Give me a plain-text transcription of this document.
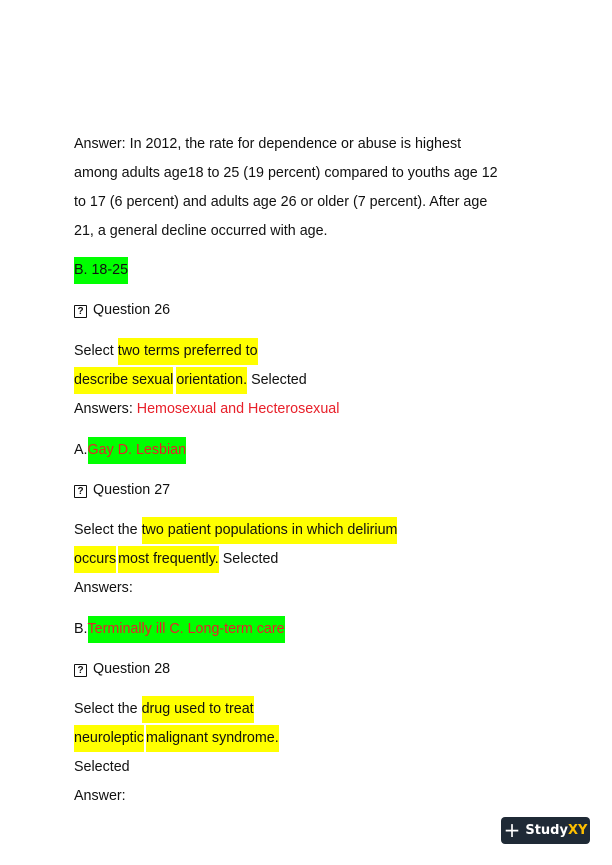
Answer: In 2012, the rate for dependence or abuse is highest
among adults age18 to 25 (19 percent) compared to youths age 12
to 17 (6 percent) and adults age 26 or older (7 percent). After age
21, a general decline occurred with age.
B. 18-25
? Question 26
Select two terms preferred to
describe sexual orientation. Selected
Answers: Hemosexual and Hecterosexual
A.Gay D. Lesbian
? Question 27
Select the two patient populations in which delirium
occurs most frequently. Selected
Answers:
B.Terminally ill C. Long-term care
? Question 28
Select the drug used to treat
neuroleptic malignant syndrome.
Selected
Answer:
+ StudyXY
